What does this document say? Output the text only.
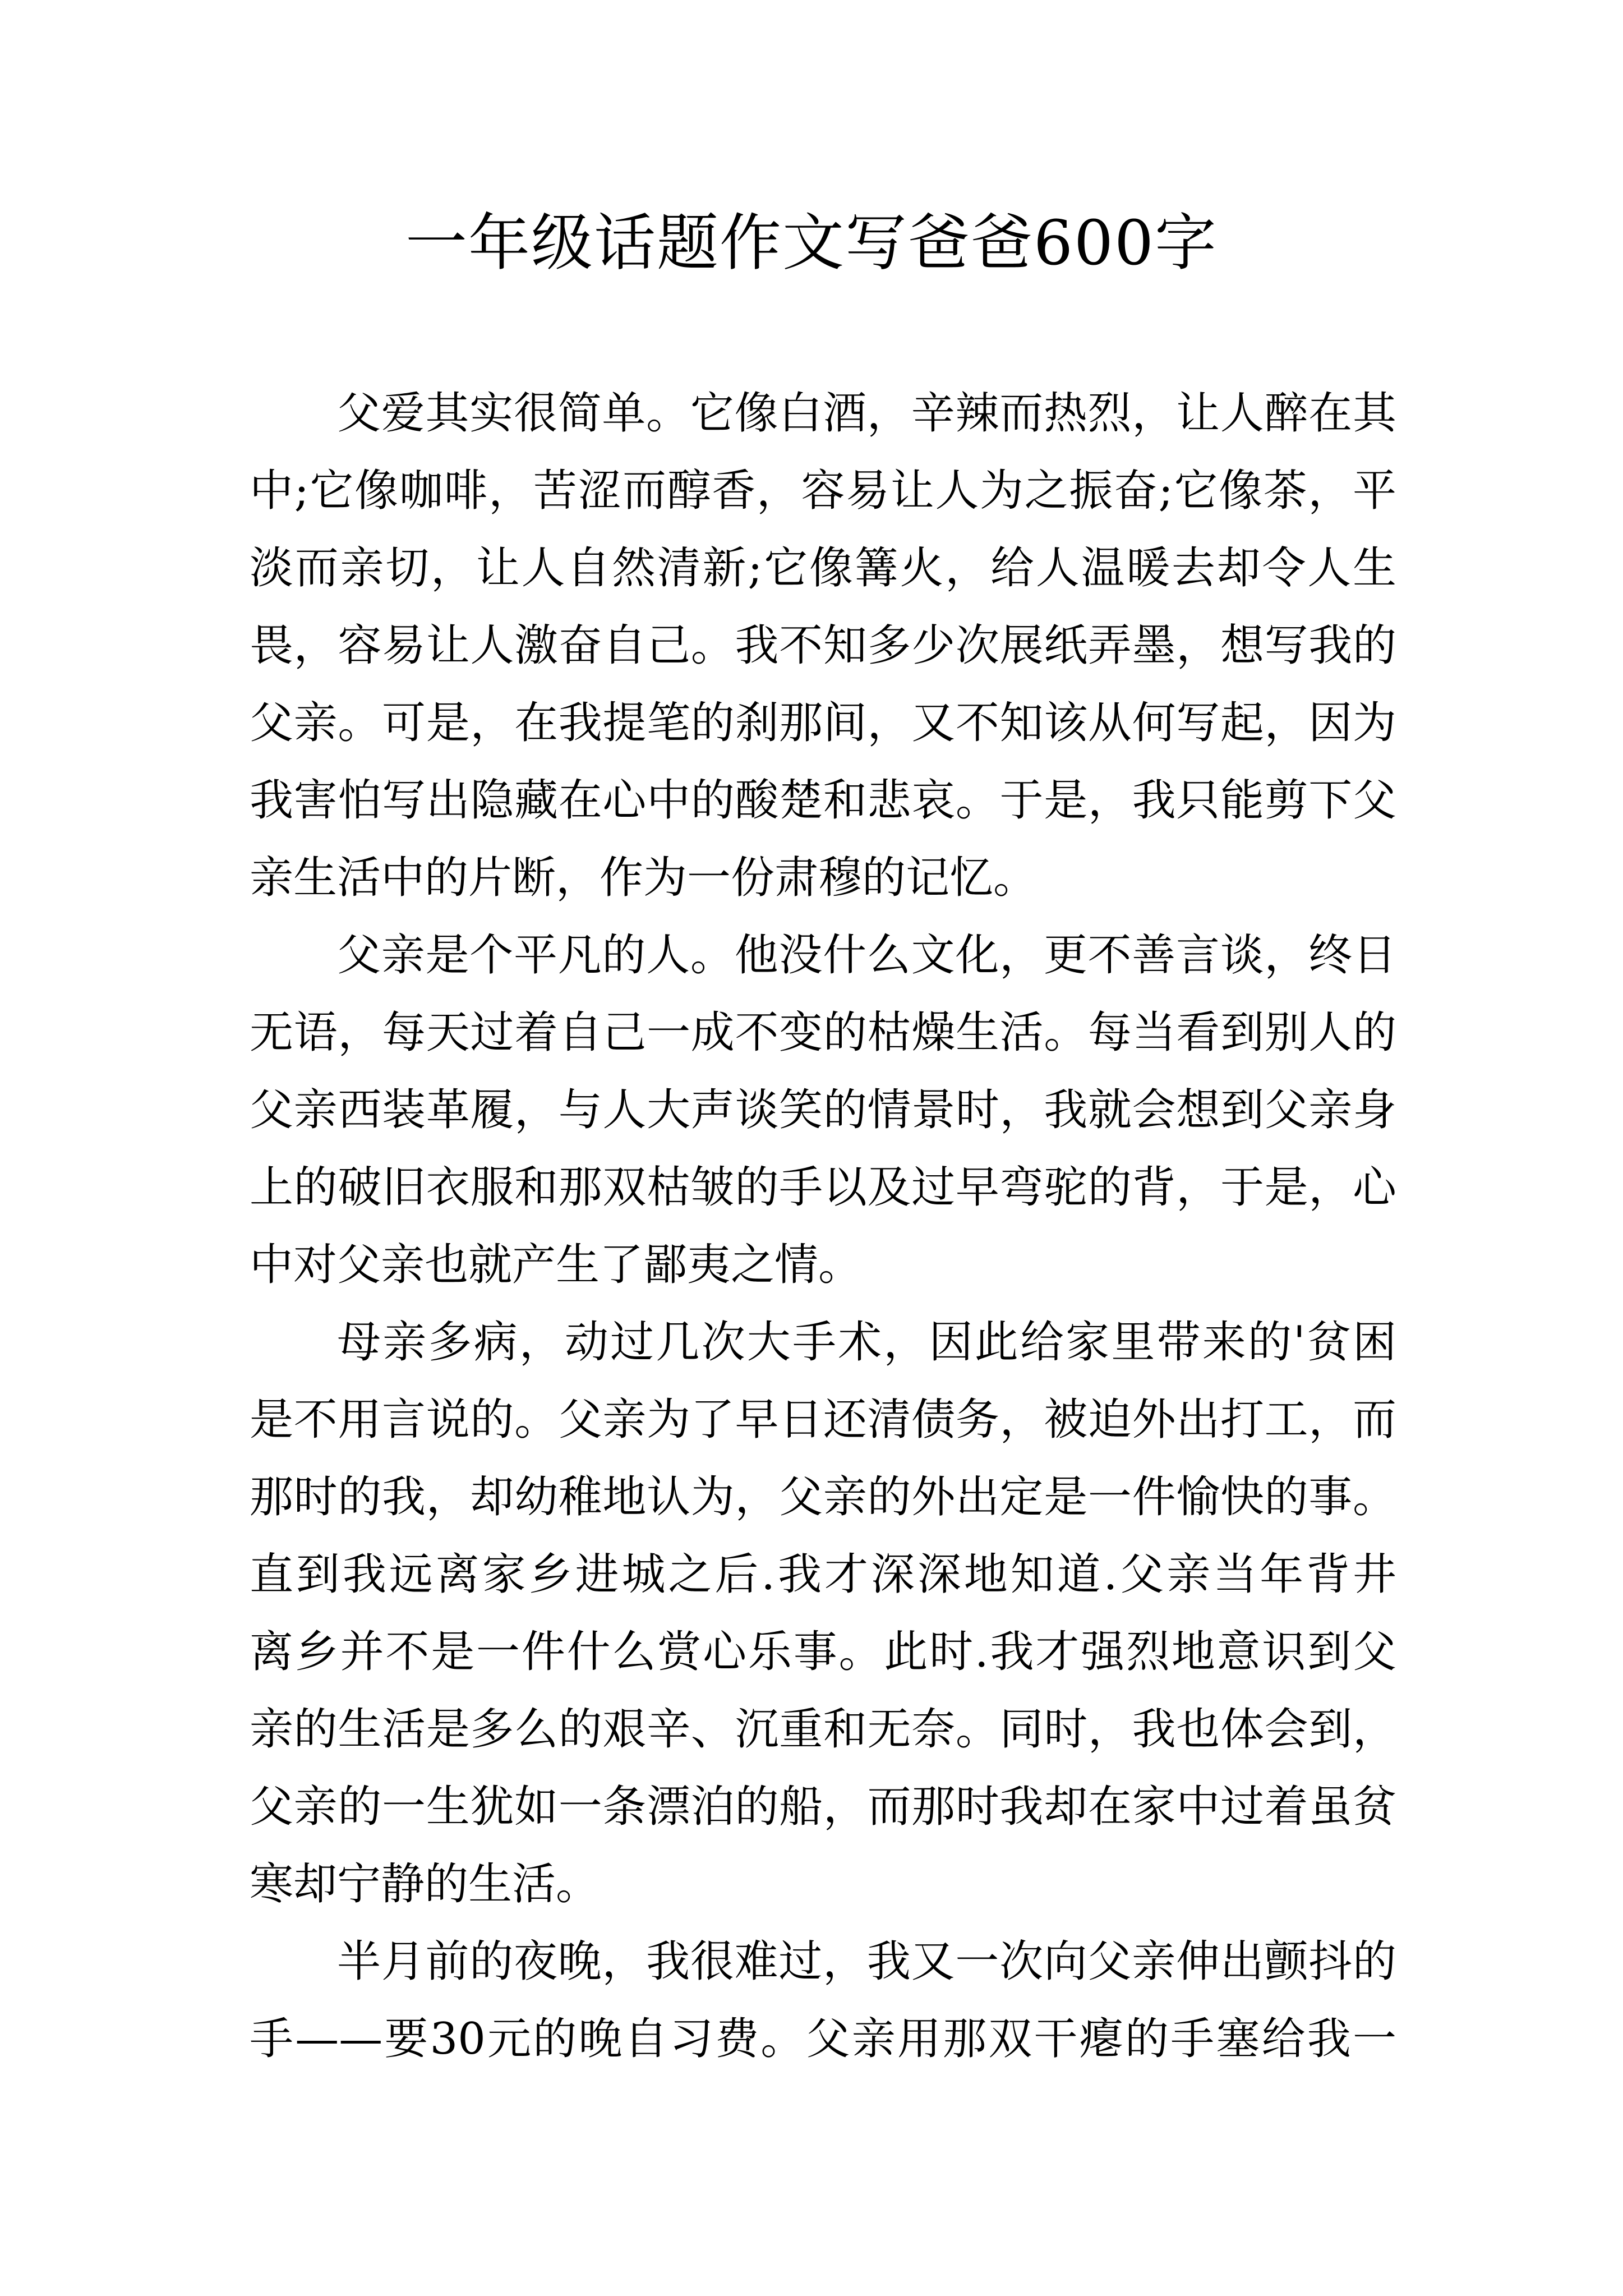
一年级话题作文写爸爸600字
父爱其实很简单。它像白酒，辛辣而热烈，让人醉在其
中;它像咖啡，苦涩而醇香，容易让人为之振奋;它像茶，平
淡而亲切，让人自然清新;它像篝火，给人温暖去却令人生
畏，容易让人激奋自己。我不知多少次展纸弄墨，想写我的
父亲。可是，在我提笔的刹那间，又不知该从何写起，因为
我害怕写出隐藏在心中的酸楚和悲哀。于是，我只能剪下父
亲生活中的片断，作为一份肃穆的记忆。
父亲是个平凡的人。他没什么文化，更不善言谈，终日
无语，每天过着自己一成不变的枯燥生活。每当看到别人的
父亲西装革履，与人大声谈笑的情景时，我就会想到父亲身
上的破旧衣服和那双枯皱的手以及过早弯驼的背，于是，心
中对父亲也就产生了鄙夷之情。
母亲多病，动过几次大手术，因此给家里带来的'贫困
是不用言说的。父亲为了早日还清债务，被迫外出打工，而
那时的我，却幼稚地认为，父亲的外出定是一件愉快的事。
直到我远离家乡进城之后.我才深深地知道.父亲当年背井
离乡并不是一件什么赏心乐事。此时.我才强烈地意识到父
亲的生活是多么的艰辛、沉重和无奈。同时，我也体会到，
父亲的一生犹如一条漂泊的船，而那时我却在家中过着虽贫
寒却宁静的生活。
半月前的夜晚，我很难过，我又一次向父亲伸出颤抖的
手——要30元的晚自习费。父亲用那双干瘪的手塞给我一
